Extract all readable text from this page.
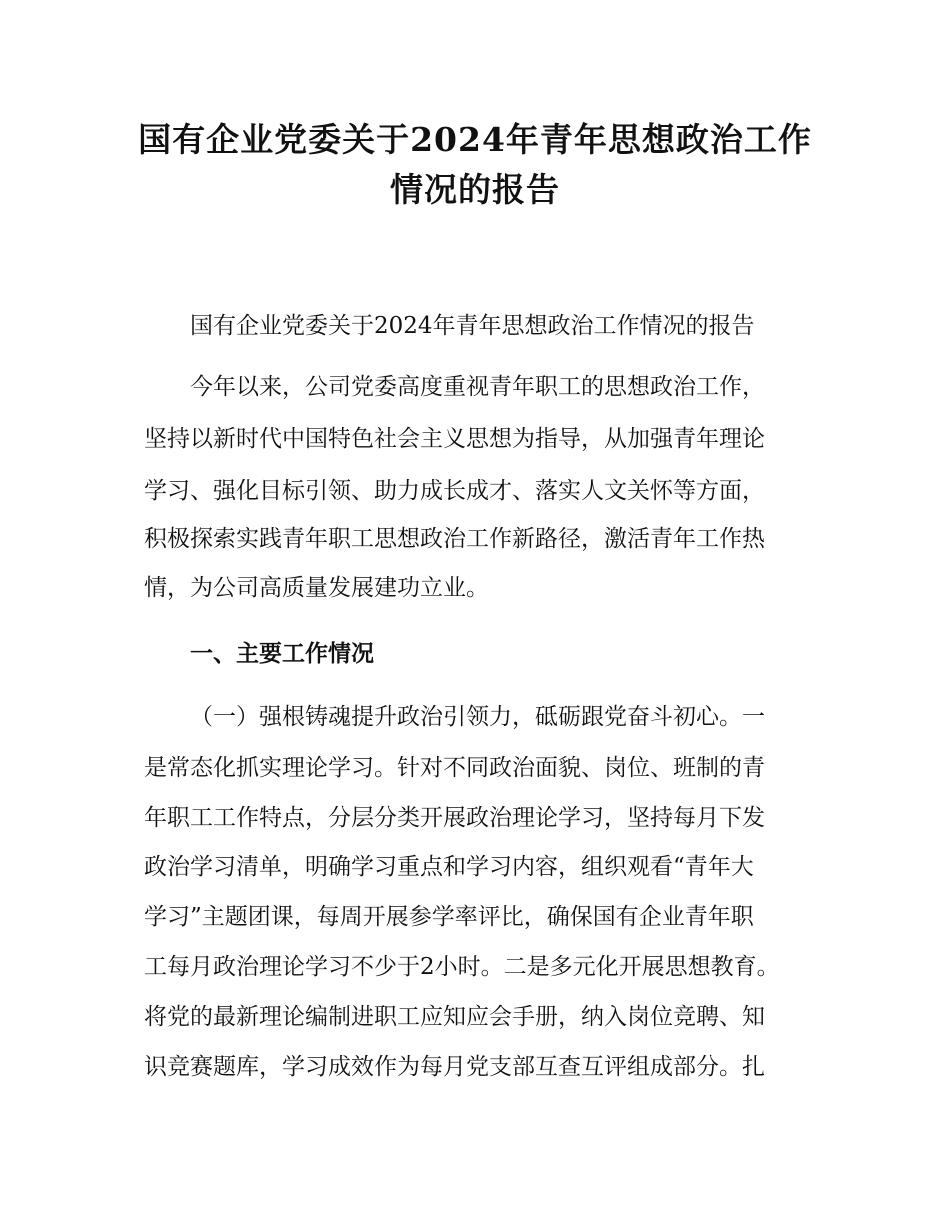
国有企业党委关于2024年青年思想政治工作
情况的报告
国有企业党委关于2024年青年思想政治工作情况的报告
今年以来，公司党委高度重视青年职工的思想政治工作，
坚持以新时代中国特色社会主义思想为指导，从加强青年理论
学习、强化目标引领、助力成长成才、落实人文关怀等方面，
积极探索实践青年职工思想政治工作新路径，激活青年工作热
情，为公司高质量发展建功立业。
一、主要工作情况
（一）强根铸魂提升政治引领力，砥砺跟党奋斗初心。一
是常态化抓实理论学习。针对不同政治面貌、岗位、班制的青
年职工工作特点，分层分类开展政治理论学习，坚持每月下发
政治学习清单，明确学习重点和学习内容，组织观看“青年大
学习”主题团课，每周开展参学率评比，确保国有企业青年职
工每月政治理论学习不少于2小时。二是多元化开展思想教育。
将党的最新理论编制进职工应知应会手册，纳入岗位竞聘、知
识竞赛题库，学习成效作为每月党支部互查互评组成部分。扎
